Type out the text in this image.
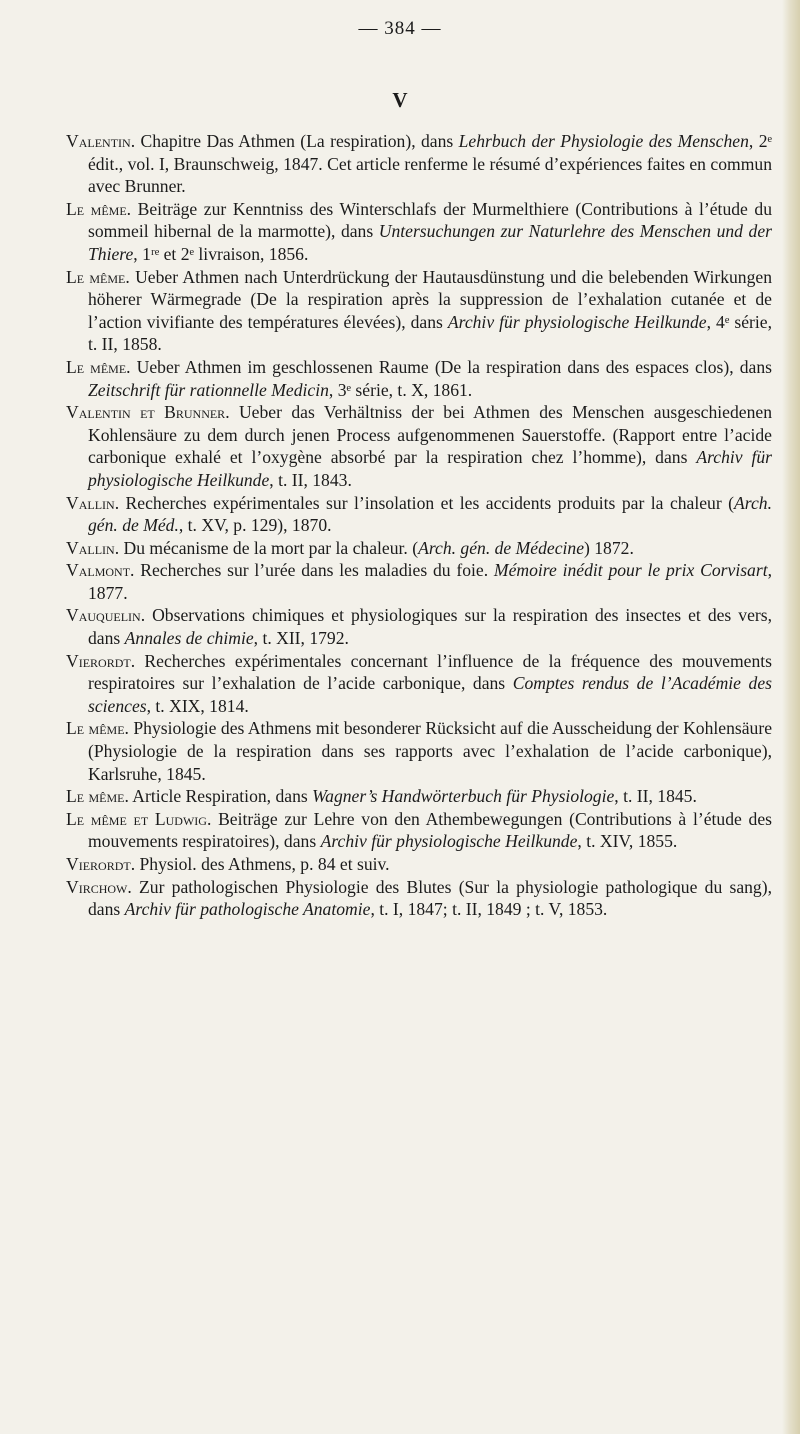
— 384 —
V

Valentin. Chapitre Das Athmen (La respiration), dans Lehrbuch der Physiologie des Menschen, 2ᵉ édit., vol. I, Braunschweig, 1847. Cet article renferme le résumé d’expériences faites en commun avec Brunner.

Le même. Beiträge zur Kenntniss des Winterschlafs der Murmelthiere (Contributions à l’étude du sommeil hibernal de la marmotte), dans Untersuchungen zur Naturlehre des Menschen und der Thiere, 1ʳᵉ et 2ᵉ livraison, 1856.

Le même. Ueber Athmen nach Unterdrückung der Hautausdünstung und die belebenden Wirkungen höherer Wärmegrade (De la respiration après la suppression de l’exhalation cutanée et de l’action vivifiante des températures élevées), dans Archiv für physiologische Heilkunde, 4ᵉ série, t. II, 1858.

Le même. Ueber Athmen im geschlossenen Raume (De la respiration dans des espaces clos), dans Zeitschrift für rationnelle Medicin, 3ᵉ série, t. X, 1861.

Valentin et Brunner. Ueber das Verhältniss der bei Athmen des Menschen ausgeschiedenen Kohlensäure zu dem durch jenen Process aufgenommenen Sauerstoffe. (Rapport entre l’acide carbonique exhalé et l’oxygène absorbé par la respiration chez l’homme), dans Archiv für physiologische Heilkunde, t. II, 1843.

Vallin. Recherches expérimentales sur l’insolation et les accidents produits par la chaleur (Arch. gén. de Méd., t. XV, p. 129), 1870.

Vallin. Du mécanisme de la mort par la chaleur. (Arch. gén. de Médecine) 1872.

Valmont. Recherches sur l’urée dans les maladies du foie. Mémoire inédit pour le prix Corvisart, 1877.

Vauquelin. Observations chimiques et physiologiques sur la respiration des insectes et des vers, dans Annales de chimie, t. XII, 1792.

Vierordt. Recherches expérimentales concernant l’influence de la fréquence des mouvements respiratoires sur l’exhalation de l’acide carbonique, dans Comptes rendus de l’Académie des sciences, t. XIX, 1814.

Le même. Physiologie des Athmens mit besonderer Rücksicht auf die Ausscheidung der Kohlensäure (Physiologie de la respiration dans ses rapports avec l’exhalation de l’acide carbonique), Karlsruhe, 1845.

Le même. Article Respiration, dans Wagner’s Handwörterbuch für Physiologie, t. II, 1845.

Le même et Ludwig. Beiträge zur Lehre von den Athembewegungen (Contributions à l’étude des mouvements respiratoires), dans Archiv für physiologische Heilkunde, t. XIV, 1855.

Vierordt. Physiol. des Athmens, p. 84 et suiv.

Virchow. Zur pathologischen Physiologie des Blutes (Sur la physiologie pathologique du sang), dans Archiv für pathologische Anatomie, t. I, 1847; t. II, 1849 ; t. V, 1853.
